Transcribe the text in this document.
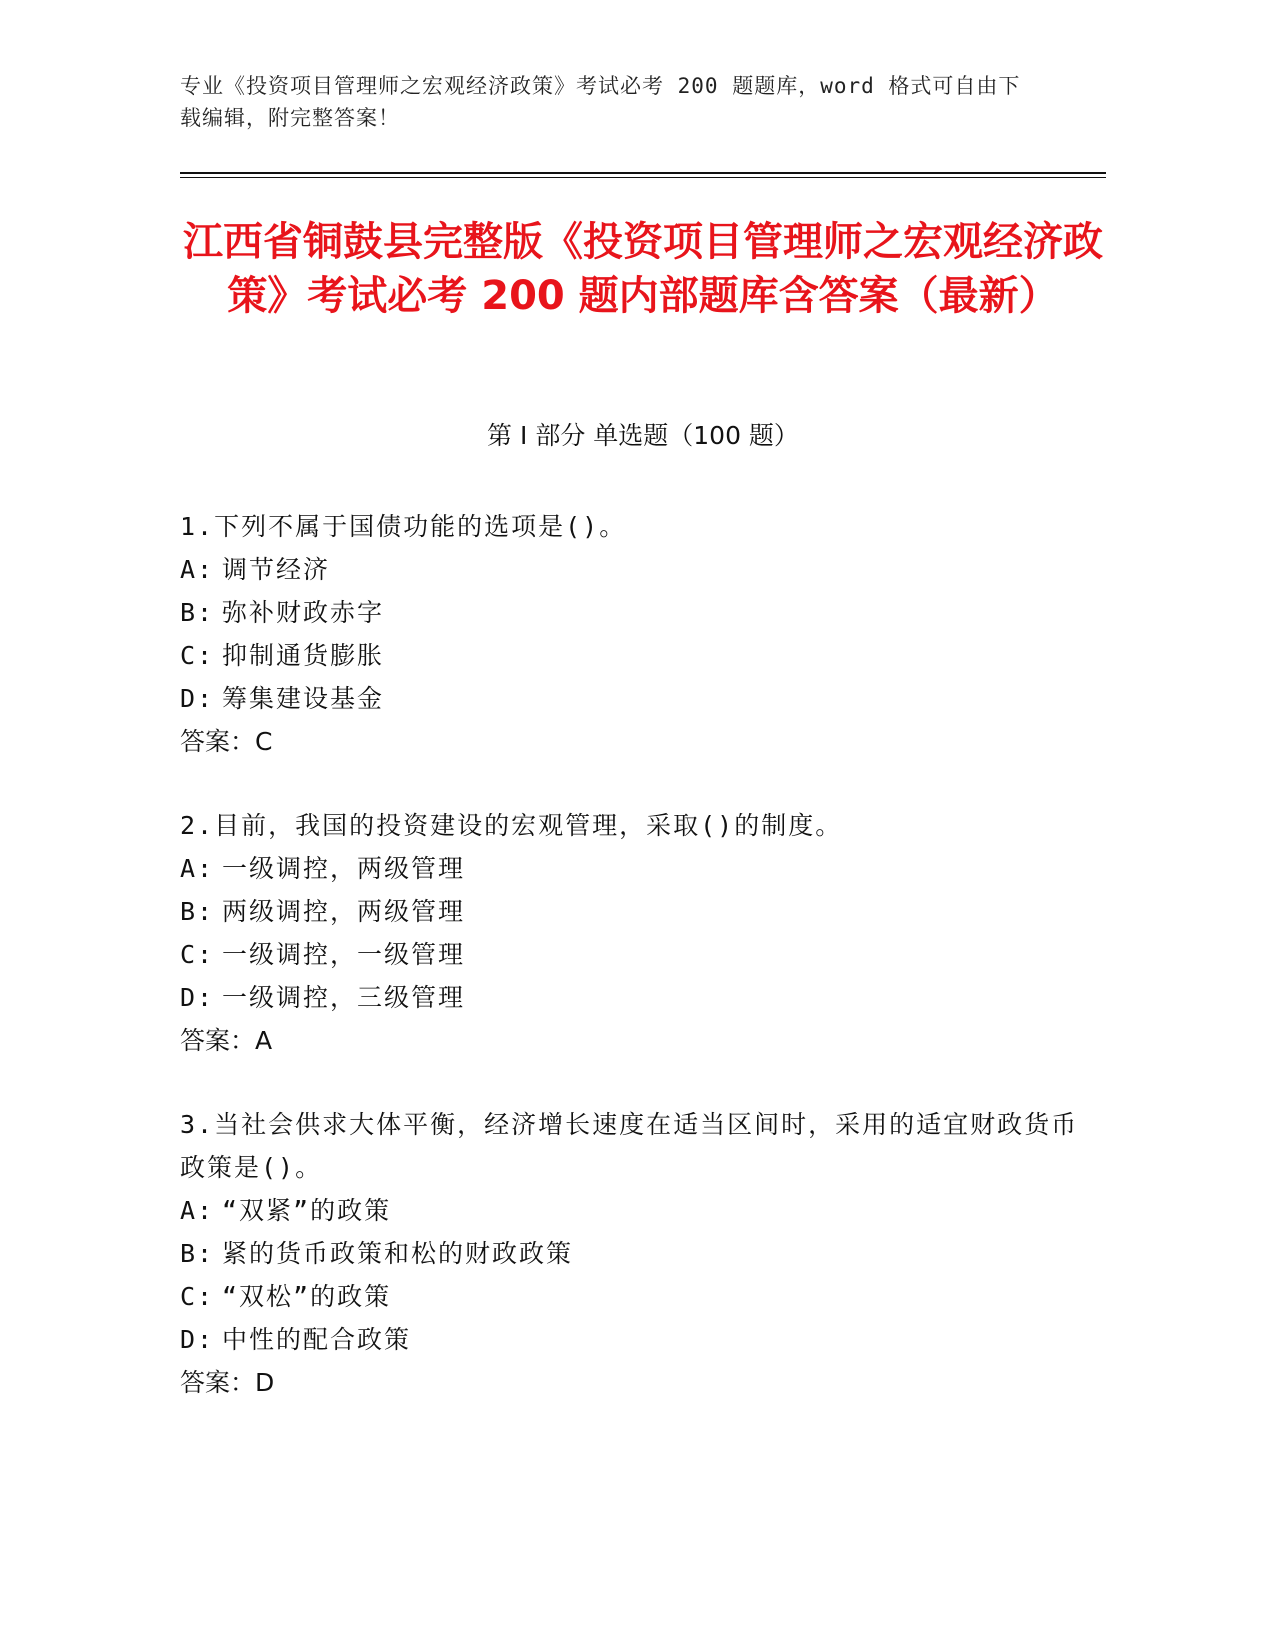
专业《投资项目管理师之宏观经济政策》考试必考 200 题题库，word 格式可自由下载编辑，附完整答案！
江西省铜鼓县完整版《投资项目管理师之宏观经济政策》考试必考 200 题内部题库含答案（最新）
第 I 部分 单选题（100 题）
1.下列不属于国债功能的选项是()。
A: 调节经济
B: 弥补财政赤字
C: 抑制通货膨胀
D: 筹集建设基金
答案：C
2.目前，我国的投资建设的宏观管理，采取()的制度。
A: 一级调控，两级管理
B: 两级调控，两级管理
C: 一级调控，一级管理
D: 一级调控，三级管理
答案：A
3.当社会供求大体平衡，经济增长速度在适当区间时，采用的适宜财政货币政策是()。
A: “双紧”的政策
B: 紧的货币政策和松的财政政策
C: “双松”的政策
D: 中性的配合政策
答案：D
